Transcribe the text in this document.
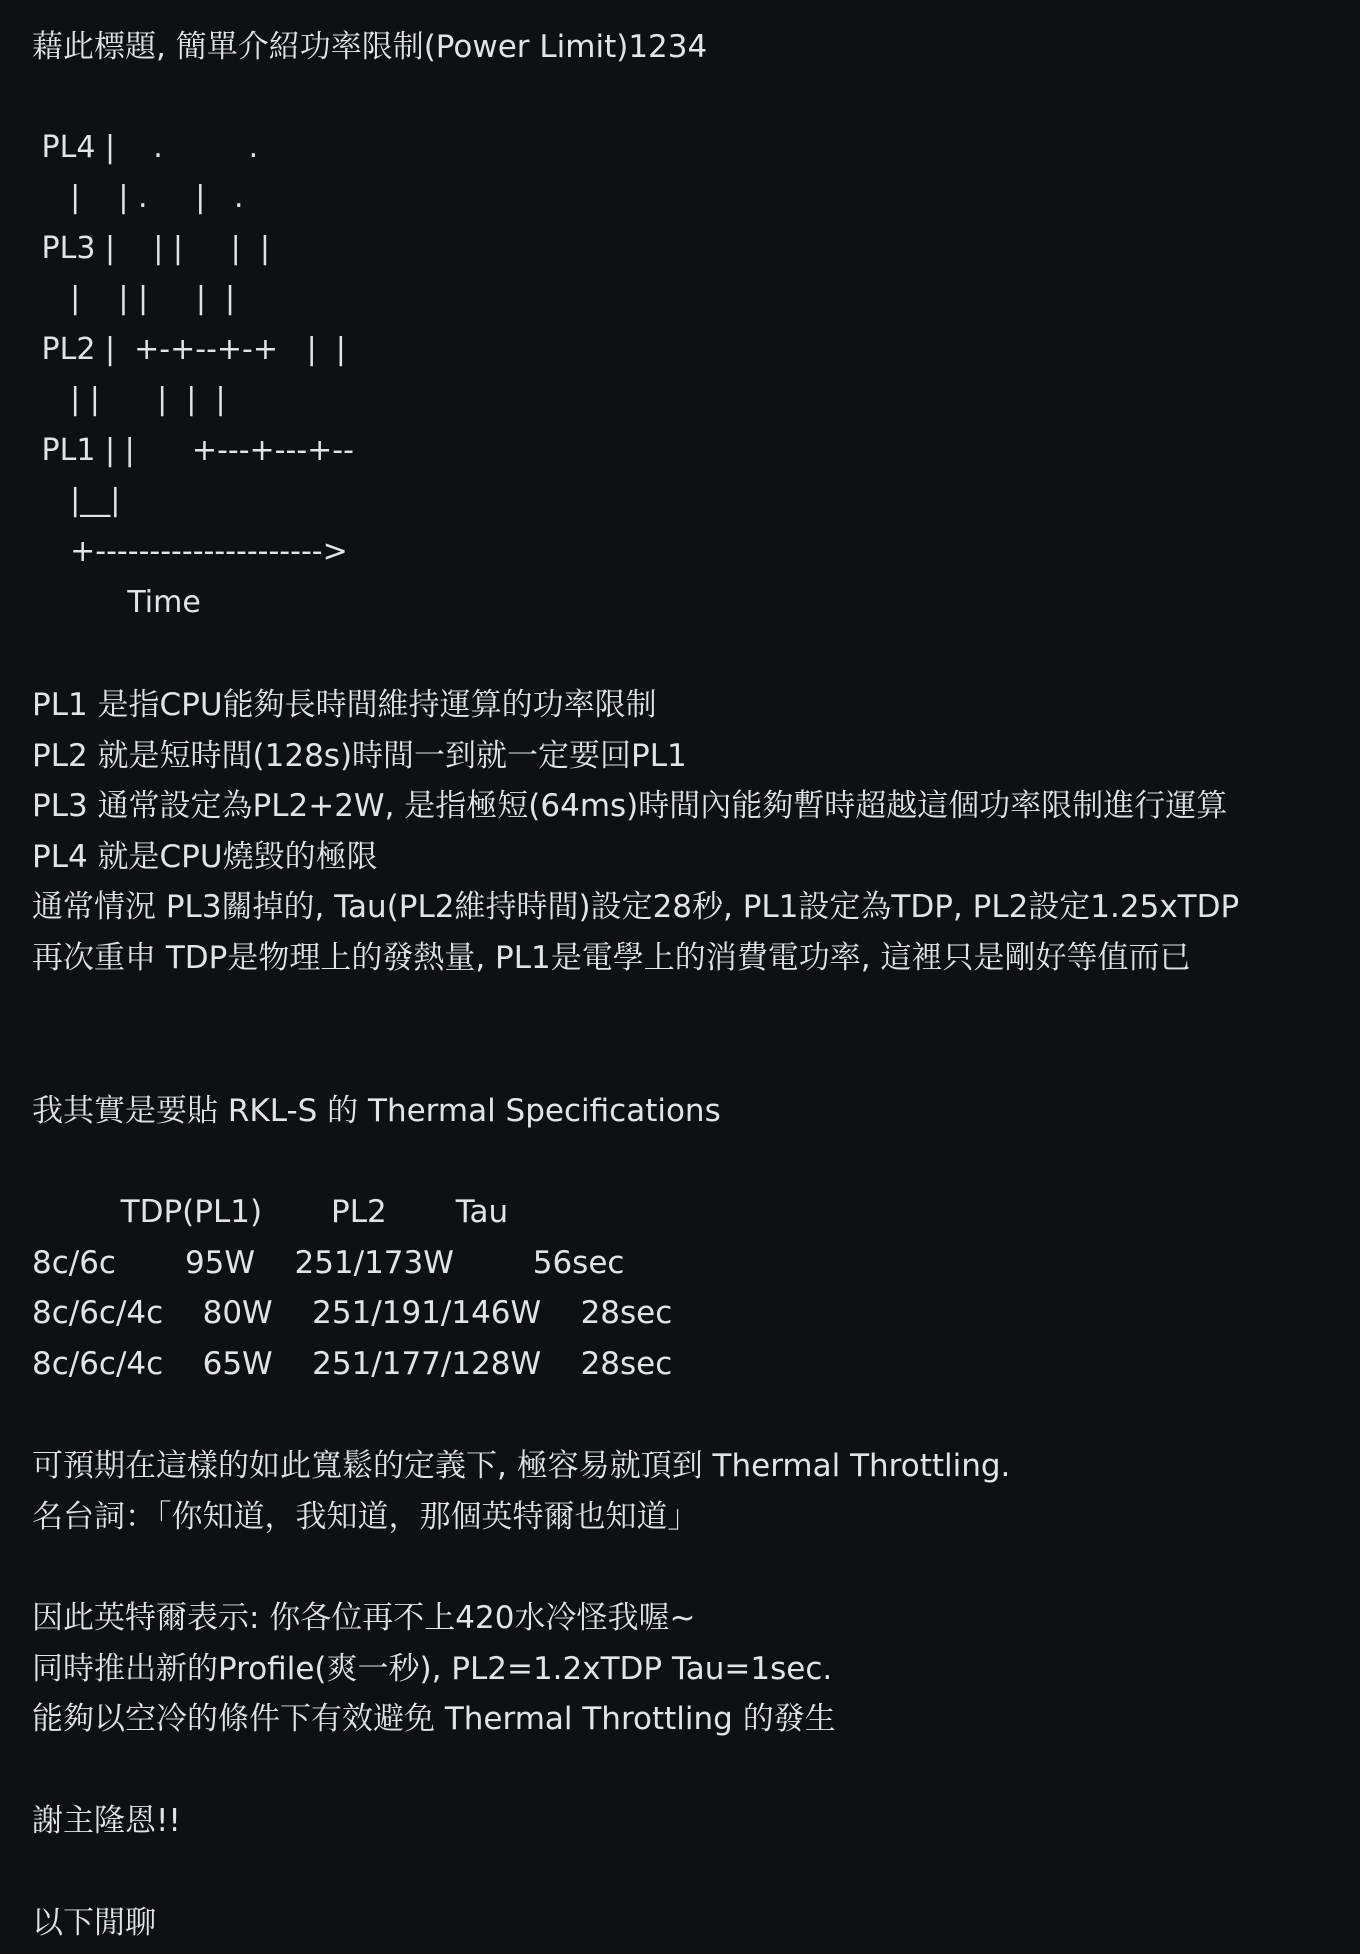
藉此標題, 簡單介紹功率限制(Power Limit)1234
PL4 |    .         .
|    | .     |   .
PL3 |    | |     |  |
|    | |     |  |
PL2 |  +-+--+-+   |  |
| |      |  |  |
PL1 | |      +---+---+--
|__|
+--------------------->
Time
PL1 是指CPU能夠長時間維持運算的功率限制
PL2 就是短時間(128s)時間一到就一定要回PL1
PL3 通常設定為PL2+2W, 是指極短(64ms)時間內能夠暫時超越這個功率限制進行運算
PL4 就是CPU燒毀的極限
通常情況 PL3關掉的, Tau(PL2維持時間)設定28秒, PL1設定為TDP, PL2設定1.25xTDP
再次重申 TDP是物理上的發熱量, PL1是電學上的消費電功率, 這裡只是剛好等值而已
我其實是要貼 RKL-S 的 Thermal Specifications
TDP(PL1)       PL2       Tau
8c/6c       95W    251/173W        56sec
8c/6c/4c    80W    251/191/146W    28sec
8c/6c/4c    65W    251/177/128W    28sec
可預期在這樣的如此寬鬆的定義下, 極容易就頂到 Thermal Throttling.
名台詞：「你知道，我知道，那個英特爾也知道」
因此英特爾表示: 你各位再不上420水冷怪我喔~
同時推出新的Profile(爽一秒), PL2=1.2xTDP Tau=1sec.
能夠以空冷的條件下有效避免 Thermal Throttling 的發生
謝主隆恩!!
以下閒聊
